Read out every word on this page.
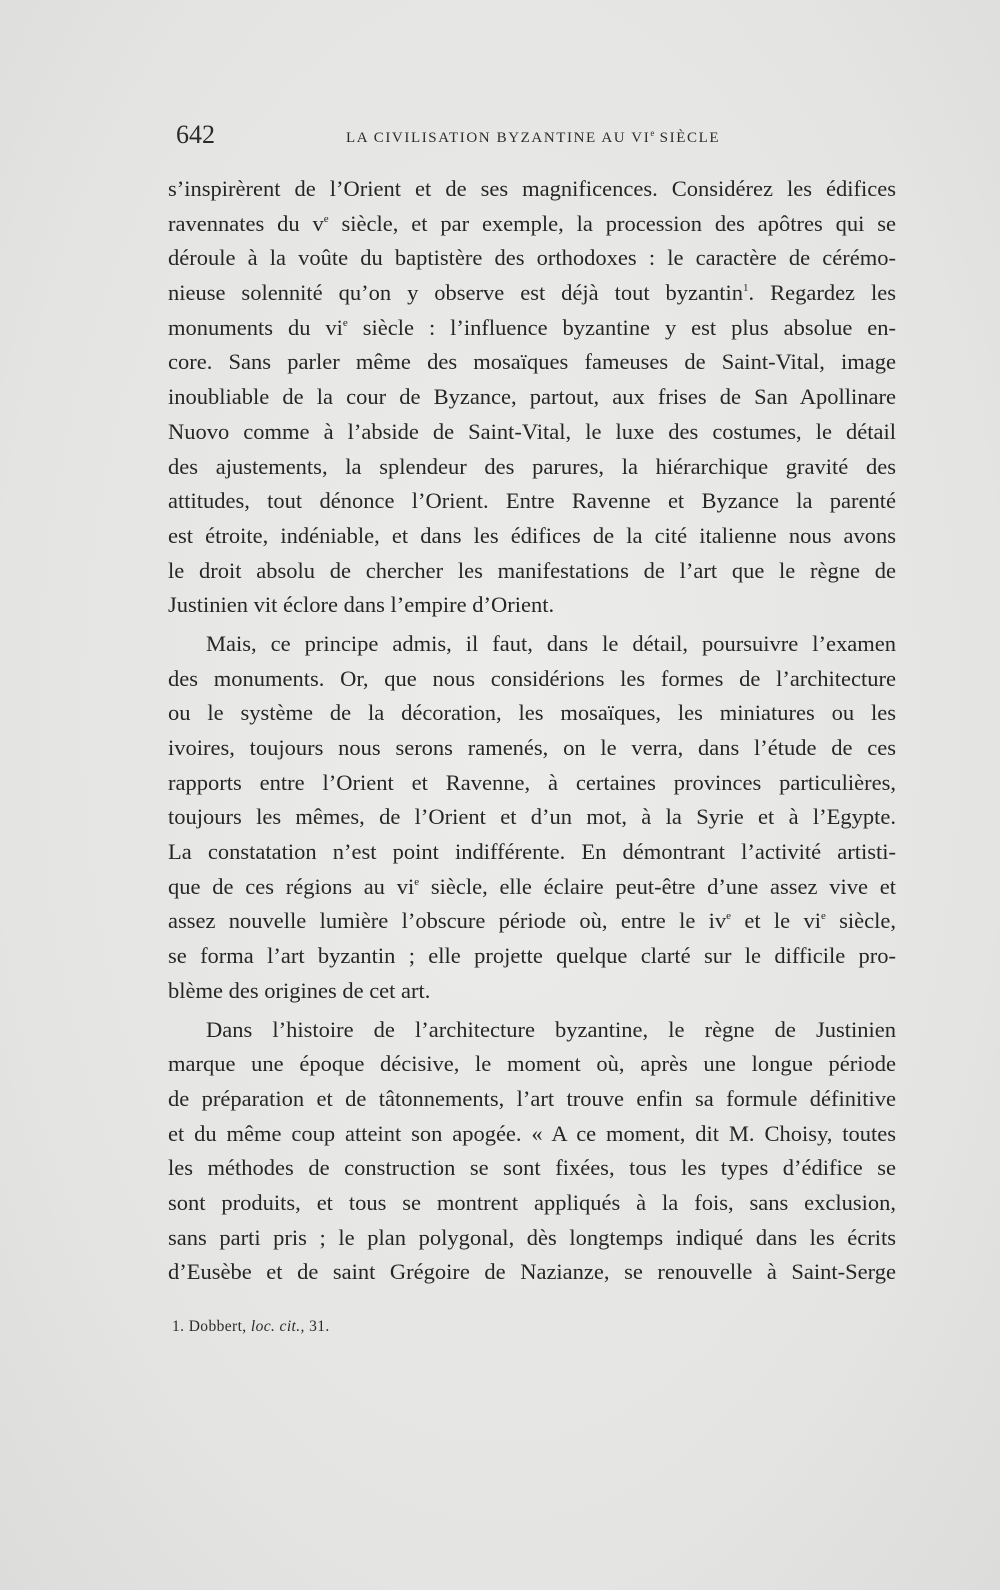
642	LA CIVILISATION BYZANTINE AU VIe SIÈCLE
s’inspirèrent de l’Orient et de ses magnificences. Considérez les édifices
ravennates du $v^e$ siècle, et par exemple, la procession des apôtres qui se
déroule à la voûte du baptistère des orthodoxes : le caractère de cérémo-
nieuse solennité qu’on y observe est déjà tout byzantin$^1$. Regardez les
monuments du $vi^e$ siècle : l’influence byzantine y est plus absolue en-
core. Sans parler même des mosaïques fameuses de Saint-Vital, image
inoubliable de la cour de Byzance, partout, aux frises de San Apollinare
Nuovo comme à l’abside de Saint-Vital, le luxe des costumes, le détail
des ajustements, la splendeur des parures, la hiérarchique gravité des
attitudes, tout dénonce l’Orient. Entre Ravenne et Byzance la parenté
est étroite, indéniable, et dans les édifices de la cité italienne nous avons
le droit absolu de chercher les manifestations de l’art que le règne de
Justinien vit éclore dans l’empire d’Orient.
Mais, ce principe admis, il faut, dans le détail, poursuivre l’examen
des monuments. Or, que nous considérions les formes de l’architecture
ou le système de la décoration, les mosaïques, les miniatures ou les
ivoires, toujours nous serons ramenés, on le verra, dans l’étude de ces
rapports entre l’Orient et Ravenne, à certaines provinces particulières,
toujours les mêmes, de l’Orient et d’un mot, à la Syrie et à l’Egypte.
La constatation n’est point indifférente. En démontrant l’activité artisti-
que de ces régions au $vi^e$ siècle, elle éclaire peut-être d’une assez vive et
assez nouvelle lumière l’obscure période où, entre le $iv^e$ et le $vi^e$ siècle,
se forma l’art byzantin ; elle projette quelque clarté sur le difficile pro-
blème des origines de cet art.
Dans l’histoire de l’architecture byzantine, le règne de Justinien
marque une époque décisive, le moment où, après une longue période
de préparation et de tâtonnements, l’art trouve enfin sa formule définitive
et du même coup atteint son apogée. « A ce moment, dit M. Choisy, toutes
les méthodes de construction se sont fixées, tous les types d’édifice se
sont produits, et tous se montrent appliqués à la fois, sans exclusion,
sans parti pris ; le plan polygonal, dès longtemps indiqué dans les écrits
d’Eusèbe et de saint Grégoire de Nazianze, se renouvelle à Saint-Serge
1. Dobbert, loc. cit., 31.
